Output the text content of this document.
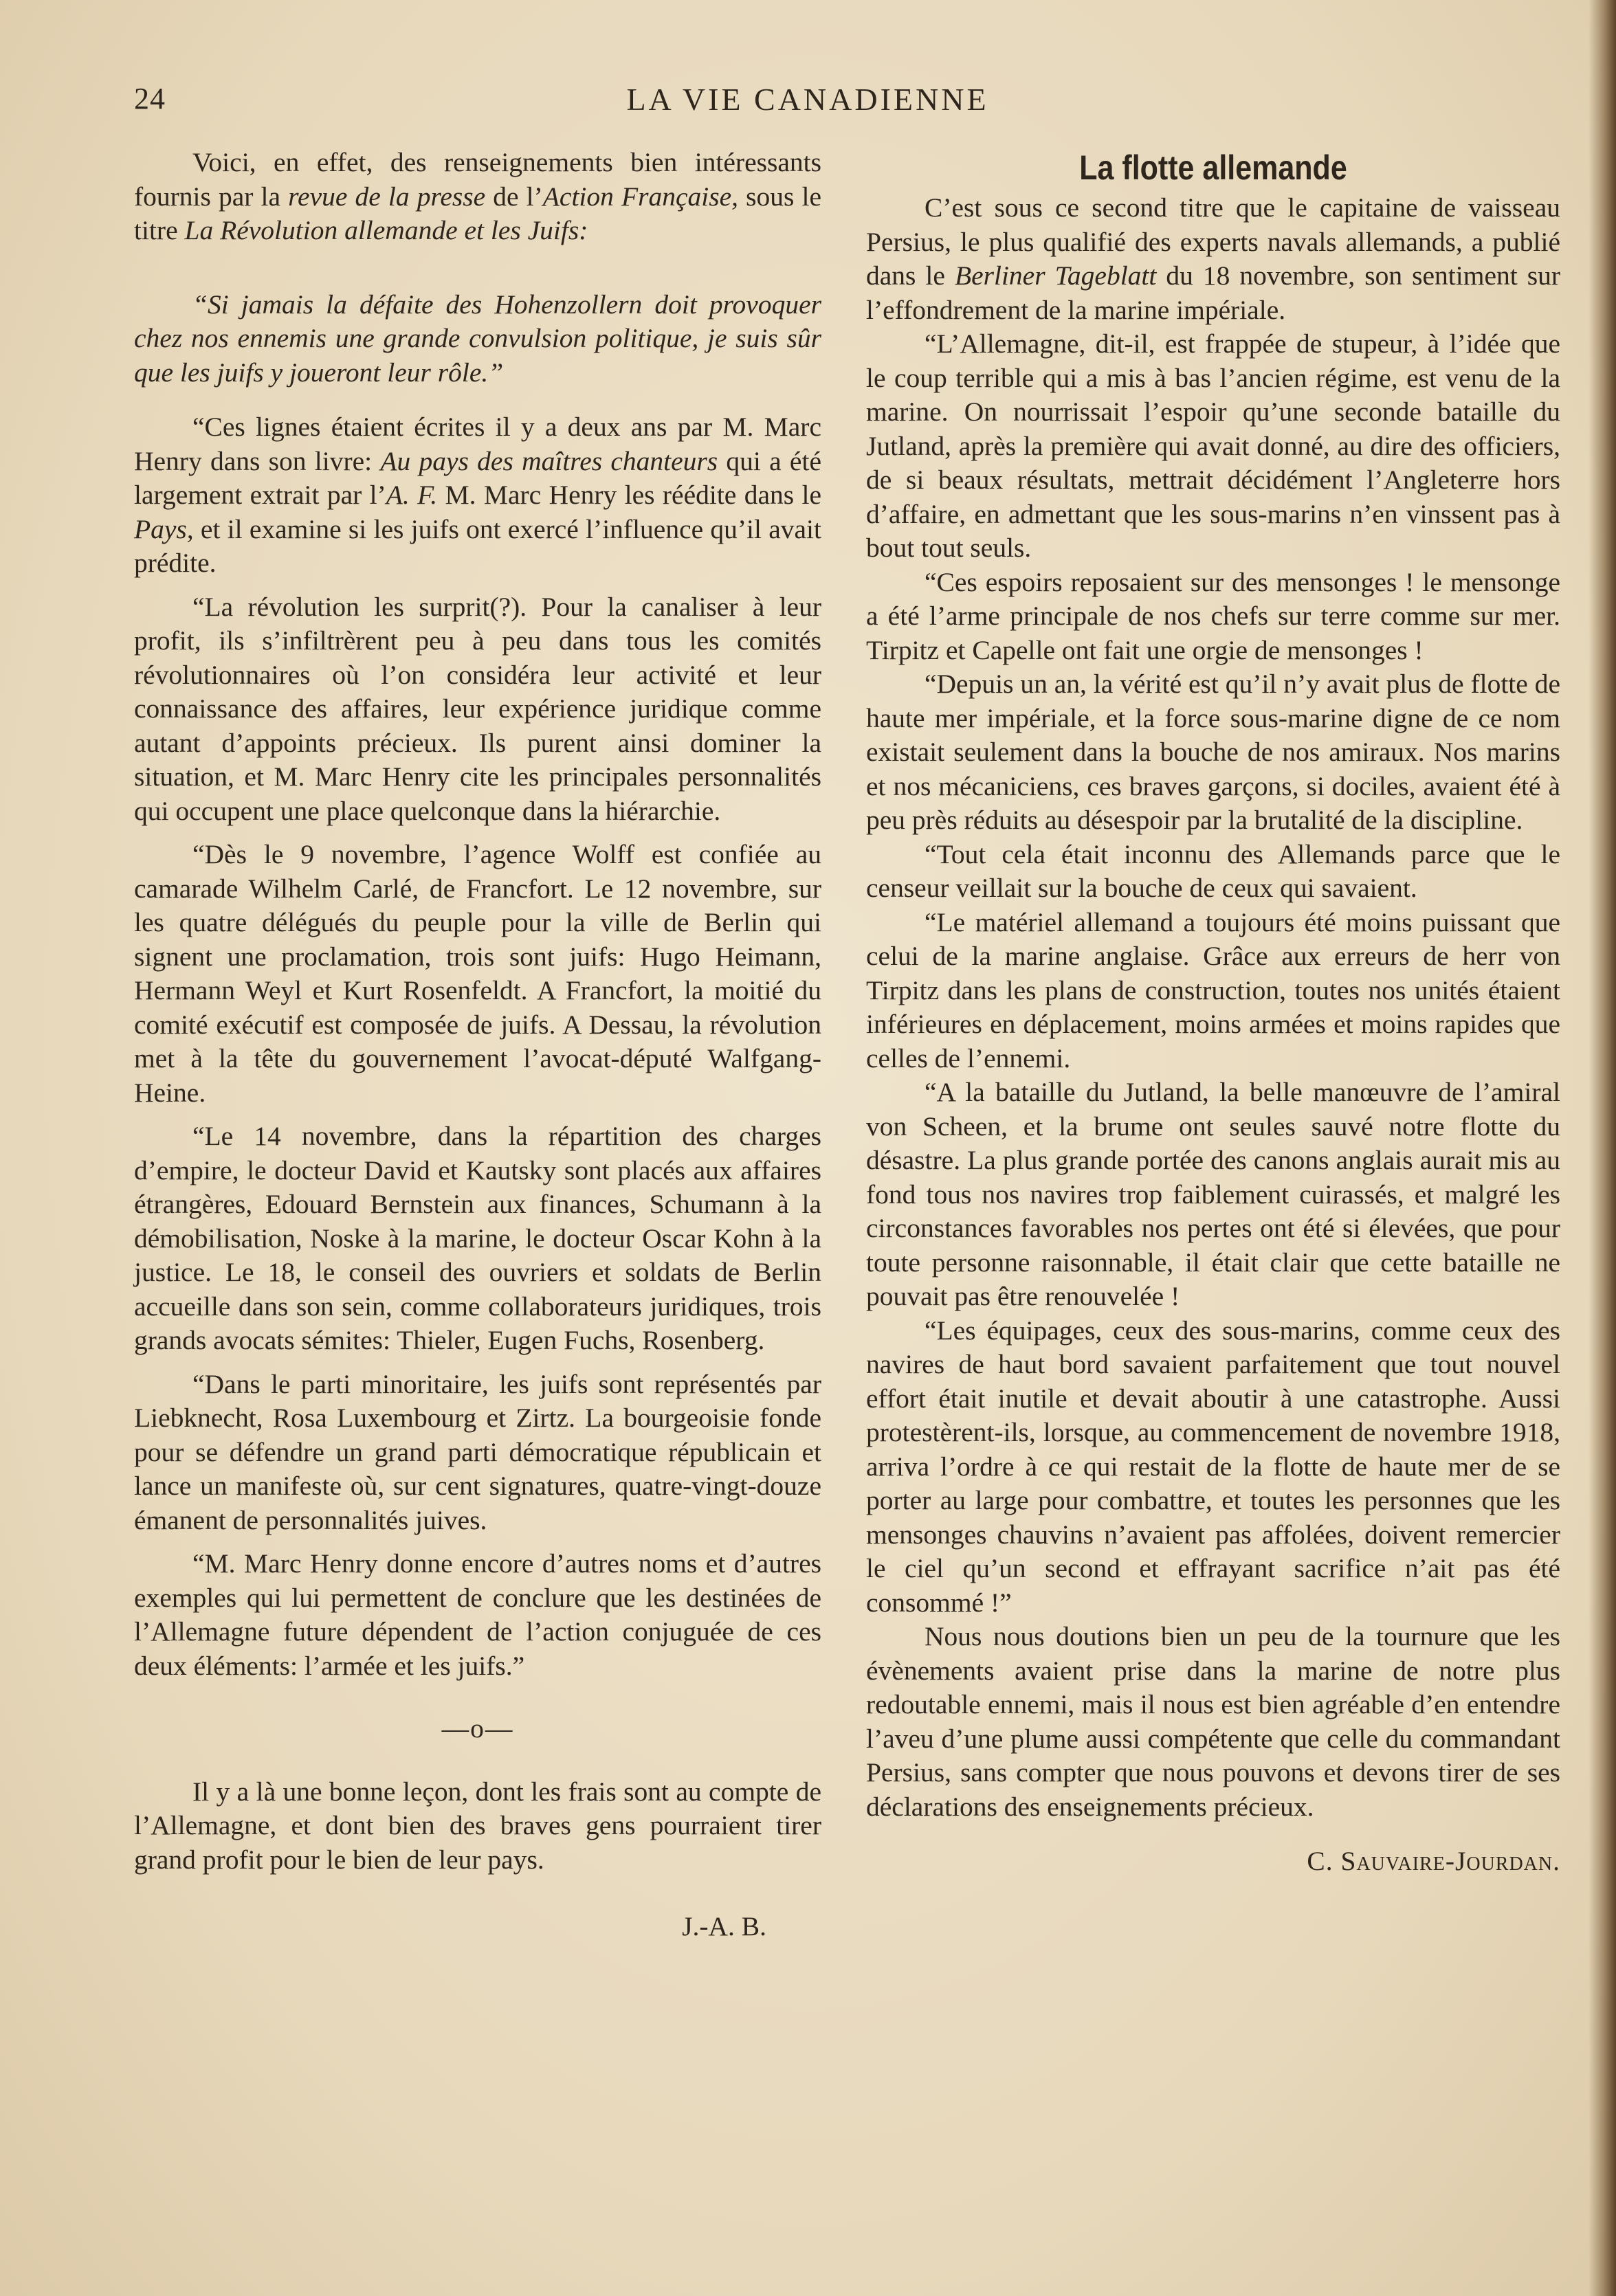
24	LA VIE CANADIENNE

Voici, en effet, des renseignements bien intéressants fournis par la revue de la presse de l’Action Française, sous le titre La Révolution allemande et les Juifs:

“Si jamais la défaite des Hohenzollern doit provoquer chez nos ennemis une grande convulsion politique, je suis sûr que les juifs y joueront leur rôle.”

“Ces lignes étaient écrites il y a deux ans par M. Marc Henry dans son livre: Au pays des maîtres chanteurs qui a été largement extrait par l’A. F. M. Marc Henry les réédite dans le Pays, et il examine si les juifs ont exercé l’influence qu’il avait prédite.

“La révolution les surprit(?). Pour la canaliser à leur profit, ils s’infiltrèrent peu à peu dans tous les comités révolutionnaires où l’on considéra leur activité et leur connaissance des affaires, leur expérience juridique comme autant d’appoints précieux. Ils purent ainsi dominer la situation, et M. Marc Henry cite les principales personnalités qui occupent une place quelconque dans la hiérarchie.

“Dès le 9 novembre, l’agence Wolff est confiée au camarade Wilhelm Carlé, de Francfort. Le 12 novembre, sur les quatre délégués du peuple pour la ville de Berlin qui signent une proclamation, trois sont juifs: Hugo Heimann, Hermann Weyl et Kurt Rosenfeldt. A Francfort, la moitié du comité exécutif est composée de juifs. A Dessau, la révolution met à la tête du gouvernement l’avocat-député Walfgang-Heine.

“Le 14 novembre, dans la répartition des charges d’empire, le docteur David et Kautsky sont placés aux affaires étrangères, Edouard Bernstein aux finances, Schumann à la démobilisation, Noske à la marine, le docteur Oscar Kohn à la justice. Le 18, le conseil des ouvriers et soldats de Berlin accueille dans son sein, comme collaborateurs juridiques, trois grands avocats sémites: Thieler, Eugen Fuchs, Rosenberg.

“Dans le parti minoritaire, les juifs sont représentés par Liebknecht, Rosa Luxembourg et Zirtz. La bourgeoisie fonde pour se défendre un grand parti démocratique républicain et lance un manifeste où, sur cent signatures, quatre-vingt-douze émanent de personnalités juives.

“M. Marc Henry donne encore d’autres noms et d’autres exemples qui lui permettent de conclure que les destinées de l’Allemagne future dépendent de l’action conjuguée de ces deux éléments: l’armée et les juifs.”

—o—

Il y a là une bonne leçon, dont les frais sont au compte de l’Allemagne, et dont bien des braves gens pourraient tirer grand profit pour le bien de leur pays.

J.-A. B.
La flotte allemande

C’est sous ce second titre que le capitaine de vaisseau Persius, le plus qualifié des experts navals allemands, a publié dans le Berliner Tageblatt du 18 novembre, son sentiment sur l’effondrement de la marine impériale.

“L’Allemagne, dit-il, est frappée de stupeur, à l’idée que le coup terrible qui a mis à bas l’ancien régime, est venu de la marine. On nourrissait l’espoir qu’une seconde bataille du Jutland, après la première qui avait donné, au dire des officiers, de si beaux résultats, mettrait décidément l’Angleterre hors d’affaire, en admettant que les sous-marins n’en vinssent pas à bout tout seuls.

“Ces espoirs reposaient sur des mensonges ! le mensonge a été l’arme principale de nos chefs sur terre comme sur mer. Tirpitz et Capelle ont fait une orgie de mensonges !

“Depuis un an, la vérité est qu’il n’y avait plus de flotte de haute mer impériale, et la force sous-marine digne de ce nom existait seulement dans la bouche de nos amiraux. Nos marins et nos mécaniciens, ces braves garçons, si dociles, avaient été à peu près réduits au désespoir par la brutalité de la discipline.

“Tout cela était inconnu des Allemands parce que le censeur veillait sur la bouche de ceux qui savaient.

“Le matériel allemand a toujours été moins puissant que celui de la marine anglaise. Grâce aux erreurs de herr von Tirpitz dans les plans de construction, toutes nos unités étaient inférieures en déplacement, moins armées et moins rapides que celles de l’ennemi.

“A la bataille du Jutland, la belle manœuvre de l’amiral von Scheen, et la brume ont seules sauvé notre flotte du désastre. La plus grande portée des canons anglais aurait mis au fond tous nos navires trop faiblement cuirassés, et malgré les circonstances favorables nos pertes ont été si élevées, que pour toute personne raisonnable, il était clair que cette bataille ne pouvait pas être renouvelée !

“Les équipages, ceux des sous-marins, comme ceux des navires de haut bord savaient parfaitement que tout nouvel effort était inutile et devait aboutir à une catastrophe. Aussi protestèrent-ils, lorsque, au commencement de novembre 1918, arriva l’ordre à ce qui restait de la flotte de haute mer de se porter au large pour combattre, et toutes les personnes que les mensonges chauvins n’avaient pas affolées, doivent remercier le ciel qu’un second et effrayant sacrifice n’ait pas été consommé !”

Nous nous doutions bien un peu de la tournure que les évènements avaient prise dans la marine de notre plus redoutable ennemi, mais il nous est bien agréable d’en entendre l’aveu d’une plume aussi compétente que celle du commandant Persius, sans compter que nous pouvons et devons tirer de ses déclarations des enseignements précieux.

C. Sauvaire-Jourdan.
